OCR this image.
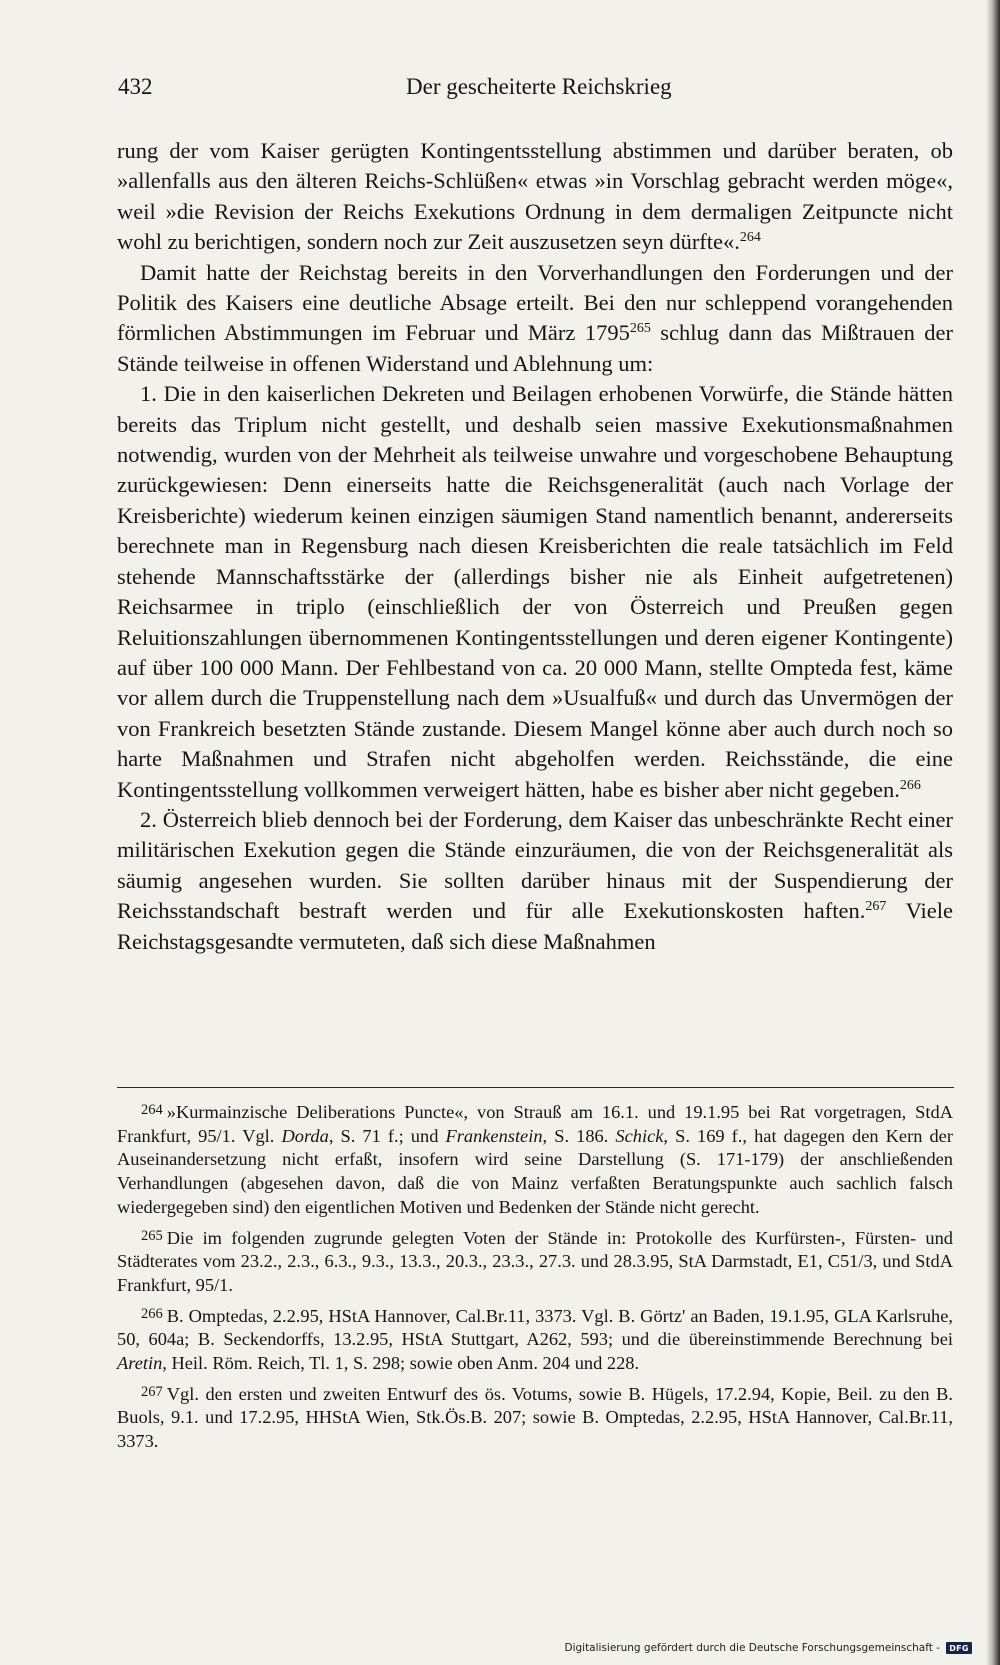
432	Der gescheiterte Reichskrieg

rung der vom Kaiser gerügten Kontingentsstellung abstimmen und darüber beraten, ob »allenfalls aus den älteren Reichs-Schlüßen« etwas »in Vorschlag gebracht werden möge«, weil »die Revision der Reichs Exekutions Ordnung in dem dermaligen Zeitpuncte nicht wohl zu berichtigen, sondern noch zur Zeit auszusetzen seyn dürfte«.$^{264}$

Damit hatte der Reichstag bereits in den Vorverhandlungen den Forderungen und der Politik des Kaisers eine deutliche Absage erteilt. Bei den nur schleppend vorangehenden förmlichen Abstimmungen im Februar und März 1795$^{265}$ schlug dann das Mißtrauen der Stände teilweise in offenen Widerstand und Ablehnung um:

1. Die in den kaiserlichen Dekreten und Beilagen erhobenen Vorwürfe, die Stände hätten bereits das Triplum nicht gestellt, und deshalb seien massive Exekutionsmaßnahmen notwendig, wurden von der Mehrheit als teilweise unwahre und vorgeschobene Behauptung zurückgewiesen: Denn einerseits hatte die Reichsgeneralität (auch nach Vorlage der Kreisberichte) wiederum keinen einzigen säumigen Stand namentlich benannt, andererseits berechnete man in Regensburg nach diesen Kreisberichten die reale tatsächlich im Feld stehende Mannschaftsstärke der (allerdings bisher nie als Einheit aufgetretenen) Reichsarmee in triplo (einschließlich der von Österreich und Preußen gegen Reluitionszahlungen übernommenen Kontingentsstellungen und deren eigener Kontingente) auf über 100 000 Mann. Der Fehlbestand von ca. 20 000 Mann, stellte Ompteda fest, käme vor allem durch die Truppenstellung nach dem »Usualfuß« und durch das Unvermögen der von Frankreich besetzten Stände zustande. Diesem Mangel könne aber auch durch noch so harte Maßnahmen und Strafen nicht abgeholfen werden. Reichsstände, die eine Kontingentsstellung vollkommen verweigert hätten, habe es bisher aber nicht gegeben.$^{266}$

2. Österreich blieb dennoch bei der Forderung, dem Kaiser das unbeschränkte Recht einer militärischen Exekution gegen die Stände einzuräumen, die von der Reichsgeneralität als säumig angesehen wurden. Sie sollten darüber hinaus mit der Suspendierung der Reichsstandschaft bestraft werden und für alle Exekutionskosten haften.$^{267}$ Viele Reichstagsgesandte vermuteten, daß sich diese Maßnahmen

$^{264}$ »Kurmainzische Deliberations Puncte«, von Strauß am 16.1. und 19.1.95 bei Rat vorgetragen, StdA Frankfurt, 95/1. Vgl. Dorda, S. 71 f.; und Frankenstein, S. 186. Schick, S. 169 f., hat dagegen den Kern der Auseinandersetzung nicht erfaßt, insofern wird seine Darstellung (S. 171-179) der anschließenden Verhandlungen (abgesehen davon, daß die von Mainz verfaßten Beratungspunkte auch sachlich falsch wiedergegeben sind) den eigentlichen Motiven und Bedenken der Stände nicht gerecht.

$^{265}$ Die im folgenden zugrunde gelegten Voten der Stände in: Protokolle des Kurfürsten-, Fürsten- und Städterates vom 23.2., 2.3., 6.3., 9.3., 13.3., 20.3., 23.3., 27.3. und 28.3.95, StA Darmstadt, E1, C51/3, und StdA Frankfurt, 95/1.

$^{266}$ B. Omptedas, 2.2.95, HStA Hannover, Cal.Br.11, 3373. Vgl. B. Görtz' an Baden, 19.1.95, GLA Karlsruhe, 50, 604a; B. Seckendorffs, 13.2.95, HStA Stuttgart, A262, 593; und die übereinstimmende Berechnung bei Aretin, Heil. Röm. Reich, Tl. 1, S. 298; sowie oben Anm. 204 und 228.

$^{267}$ Vgl. den ersten und zweiten Entwurf des ös. Votums, sowie B. Hügels, 17.2.94, Kopie, Beil. zu den B. Buols, 9.1. und 17.2.95, HHStA Wien, Stk.Ös.B. 207; sowie B. Omptedas, 2.2.95, HStA Hannover, Cal.Br.11, 3373.

Digitalisierung gefördert durch die Deutsche Forschungsgemeinschaft -	DFG
